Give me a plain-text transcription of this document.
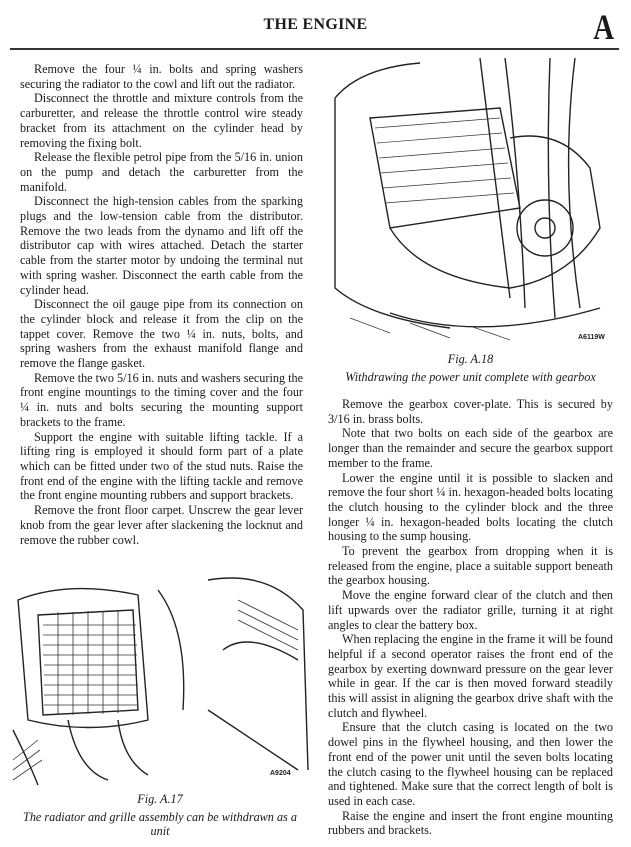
THE ENGINE	A

Remove the four ¼ in. bolts and spring washers securing the radiator to the cowl and lift out the radiator.

Disconnect the throttle and mixture controls from the carburetter, and release the throttle control wire steady bracket from its attachment on the cylinder head by removing the fixing bolt.

Release the flexible petrol pipe from the 5/16 in. union on the pump and detach the carburetter from the manifold.

Disconnect the high-tension cables from the sparking plugs and the low-tension cable from the distributor. Remove the two leads from the dynamo and lift off the distributor cap with wires attached. Detach the starter cable from the starter motor by undoing the terminal nut with spring washer. Disconnect the earth cable from the cylinder head.

Disconnect the oil gauge pipe from its connection on the cylinder block and release it from the clip on the tappet cover. Remove the two ¼ in. nuts, bolts, and spring washers from the exhaust manifold flange and remove the flange gasket.

Remove the two 5/16 in. nuts and washers securing the front engine mountings to the timing cover and the four ¼ in. nuts and bolts securing the mounting support brackets to the frame.

Support the engine with suitable lifting tackle. If a lifting ring is employed it should form part of a plate which can be fitted under two of the stud nuts. Raise the front end of the engine with the lifting tackle and remove the front engine mounting rubbers and support brackets.

Remove the front floor carpet. Unscrew the gear lever knob from the gear lever after slackening the locknut and remove the rubber cowl.

A9204
Fig. A.17
The radiator and grille assembly can be withdrawn as a unit
A6119W
Fig. A.18
Withdrawing the power unit complete with gearbox

Remove the gearbox cover-plate. This is secured by 3/16 in. brass bolts.

Note that two bolts on each side of the gearbox are longer than the remainder and secure the gearbox support member to the frame.

Lower the engine until it is possible to slacken and remove the four short ¼ in. hexagon-headed bolts locating the clutch housing to the cylinder block and the three longer ¼ in. hexagon-headed bolts locating the clutch housing to the sump housing.

To prevent the gearbox from dropping when it is released from the engine, place a suitable support beneath the gearbox housing.

Move the engine forward clear of the clutch and then lift upwards over the radiator grille, turning it at right angles to clear the battery box.

When replacing the engine in the frame it will be found helpful if a second operator raises the front end of the gearbox by exerting downward pressure on the gear lever while in gear. If the car is then moved forward steadily this will assist in aligning the gearbox drive shaft with the clutch and flywheel.

Ensure that the clutch casing is located on the two dowel pins in the flywheel housing, and then lower the front end of the power unit until the seven bolts locating the clutch casing to the flywheel housing can be replaced and tightened. Make sure that the correct length of bolt is used in each case.

Raise the engine and insert the front engine mounting rubbers and brackets.
